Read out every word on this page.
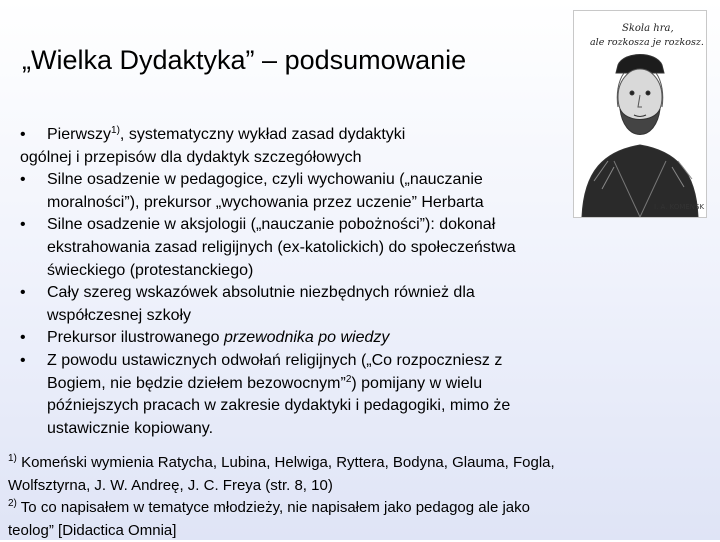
„Wielka Dydaktyka” – podsumowanie
Skola hra,
ale rozkosza je rozkosz.
I. A. KOMENSK
• Pierwszy$^{1)}$, systematyczny wykład zasad dydaktyki
ogólnej i przepisów dla dydaktyk szczegółowych
• Silne osadzenie w pedagogice, czyli wychowaniu („nauczanie
moralności”), prekursor „wychowania przez uczenie” Herbarta
• Silne osadzenie w aksjologii („nauczanie pobożności”): dokonał
ekstrahowania zasad religijnych (ex-katolickich) do społeczeństwa
świeckiego (protestanckiego)
• Cały szereg wskazówek absolutnie niezbędnych również dla
współczesnej szkoły
• Prekursor ilustrowanego przewodnika po wiedzy
• Z powodu ustawicznych odwołań religijnych („Co rozpoczniesz z
Bogiem, nie będzie dziełem bezowocnym”$^2$) pomijany w wielu
późniejszych pracach w zakresie dydaktyki i pedagogiki, mimo że
ustawicznie kopiowany.
$^{1)}$ Komeński wymienia Ratycha, Lubina, Helwiga, Ryttera, Bodyna, Glauma, Fogla,
Wolfsztyrna, J. W. Andreę, J. C. Freya (str. 8, 10)
$^{2)}$ To co napisałem w tematyce młodzieży, nie napisałem jako pedagog ale jako
teolog” [Didactica Omnia]
